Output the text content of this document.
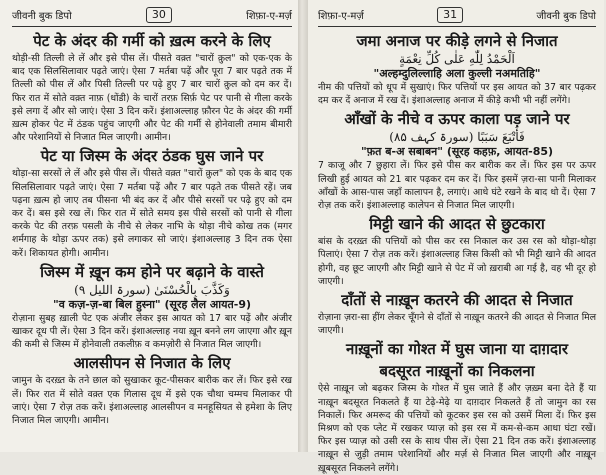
जीवनी बुक डिपो	30	शिफ़ा-ए-मर्ज़
पेट के अंदर की गर्मी को ख़त्म करने के लिए

थोड़ी-सी तिल्ली ले लें और इसे पीस लें। पीसते वक़्त "चारों क़ुल" को एक-एक के बाद एक सिलसिलावार पढ़ते जाएं। ऐसा 7 मर्तबा पढ़ें और पूरा 7 बार पढ़ते तक में तिल्ली को पीस लें और पिसी तिल्ली पर पढ़े हुए 7 बार चारों क़ुल को दम कर दें। फिर रात में सोते वक़्त नाफ़ (धोंडी) के चारों तरफ़ सिर्फ़ पेट पर पानी से गीला करके इसे लगा दें और सो जाएं। ऐसा 3 दिन करें। इंशाअल्लाह फ़ौरन पेट के अंदर की गर्मी ख़त्म होकर पेट में ठंडक पहुंच जाएगी और पेट की गर्मी से होनेवाली तमाम बीमारी और परेशानियों से निजात मिल जाएगी। आमीन।

पेट या जिस्म के अंदर ठंडक घुस जाने पर

थोड़ा-सा सरसों ले लें और इसे पीस लें। पीसते वक़्त "चारों क़ुल" को एक के बाद एक सिलसिलावार पढ़ते जाएं। ऐसा 7 मर्तबा पढ़ें और 7 बार पढ़ते तक पीसते रहें। जब पढ़ना ख़त्म हो जाए तब पीसना भी बंद कर दें और पीसे सरसों पर पढ़े हुए को दम कर दें। बस इसे रख लें। फिर रात में सोते समय इस पीसे सरसों को पानी से गीला करके पेट की तरफ़ पसली के नीचे से लेकर नाभि के थोड़ा नीचे कोख तक (मगर शर्मगाह के थोड़ा ऊपर तक) इसे लगाकर सो जाएं। इंशाअल्लाह 3 दिन तक ऐसा करें। शिकायत होगी। आमीन।

जिस्म में ख़ून कम होने पर बढ़ाने के वास्ते
وَكَذَّبَ بِالْحُسْنَىٰ ‏(سورۃ اللیل ۹)
"व कज़-ज़-बा बिल हुस्ना" (सूरह लैल आयत-9)

रोज़ाना सुबह ख़ाली पेट एक अंजीर लेकर इस आयत को 17 बार पढ़ें और अंजीर खाकर दूध पी लें। ऐसा 3 दिन करें। इंशाअल्लाह नया ख़ून बनने लग जाएगा और ख़ून की कमी से जिस्म में होनेवाली तकलीफ़ व कमज़ोरी से निजात मिल जाएगी।

आलसीपन से निजात के लिए

जामुन के दरख़्त के तने छाल को सुखाकर कूट-पीसकर बारीक कर लें। फिर इसे रख लें। फिर रात में सोते वक़्त एक गिलास दूध में इसे एक चौथा चम्मच मिलाकर पी जाएं। ऐसा 7 रोज़ तक करें। इंशाअल्लाह आलसीपन व मनहूसियत से हमेशा के लिए निजात मिल जाएगी। आमीन।

शिफ़ा-ए-मर्ज़	31	जीवनी बुक डिपो
जमा अनाज पर कीड़े लगने से निजात
اَلْحَمْدُ لِلّٰهِ عَلٰی كُلِّ نِعْمَةٍ
"अल्हम्दुलिल्लाहि अला कुल्ली नअमतिहि"

नीम की पत्तियों को धूप में सुखाएं। फिर पत्तियों पर इस आयत को 37 बार पढ़कर दम कर दें अनाज में रख दें। इंशाअल्लाह अनाज में कीड़े कभी भी नहीं लगेंगे।

आँखों के नीचे व ऊपर काला पड़ जाने पर
فَأَتْبَعَ سَبَبًا ‏(سورۃ کہف ۸۵)
"फ़त ब-अ सबाबन" (सूरह कहफ़, आयत-85)

7 काजू और 7 छुहारा लें। फिर इसे पीस कर बारीक कर लें। फिर इस पर ऊपर लिखी हुई आयत को 21 बार पढ़कर दम कर दें। फिर इसमें ज़रा-सा पानी मिलाकर आँखों के आस-पास जहाँ कालापन है, लगाएं। आधे घंटे रखने के बाद धो दें। ऐसा 7 रोज़ तक करें। इंशाअल्लाह कालेपन से निजात मिल जाएगी।

मिट्टी खाने की आदत से छुटकारा

बांस के दरख़्त की पत्तियों को पीस कर रस निकाल कर उस रस को थोड़ा-थोड़ा पिलाएं। ऐसा 7 रोज़ तक करें। इंशाअल्लाह जिस किसी को भी मिट्टी खाने की आदत होगी, वह छूट जाएगी और मिट्टी खाने से पेट में जो ख़राबी आ गई है, वह भी दूर हो जाएगी।

दाँतों से नाख़ून कतरने की आदत से निजात

रोज़ाना ज़रा-सा हींग लेकर चूँगने से दाँतों से नाख़ून कतरने की आदत से निजात मिल जाएगी।

नाख़ूनों का गोश्त में घुस जाना या दाग़दार
बदसूरत नाख़ूनों का निकलना

ऐसे नाख़ून जो बढ़कर जिस्म के गोश्त में घुस जाते हैं और ज़ख़्म बना देते हैं या नाख़ून बदसूरत निकलते हैं या टेढ़े-मेढ़े या दाग़दार निकलते हैं तो जामुन का रस निकालें। फिर अमरूद की पत्तियों को कूटकर इस रस को उसमें मिला दें। फिर इस मिश्रण को एक प्लेट में रखकर प्याज़ को इस रस में कम-से-कम आधा घंटा रखें। फिर इस प्याज़ को उसी रस के साथ पीस लें। ऐसा 21 दिन तक करें। इंशाअल्लाह नाख़ून से जुड़ी तमाम परेशानियों और मर्ज़ से निजात मिल जाएगी और नाख़ून ख़ूबसूरत निकलने लगेंगे।
